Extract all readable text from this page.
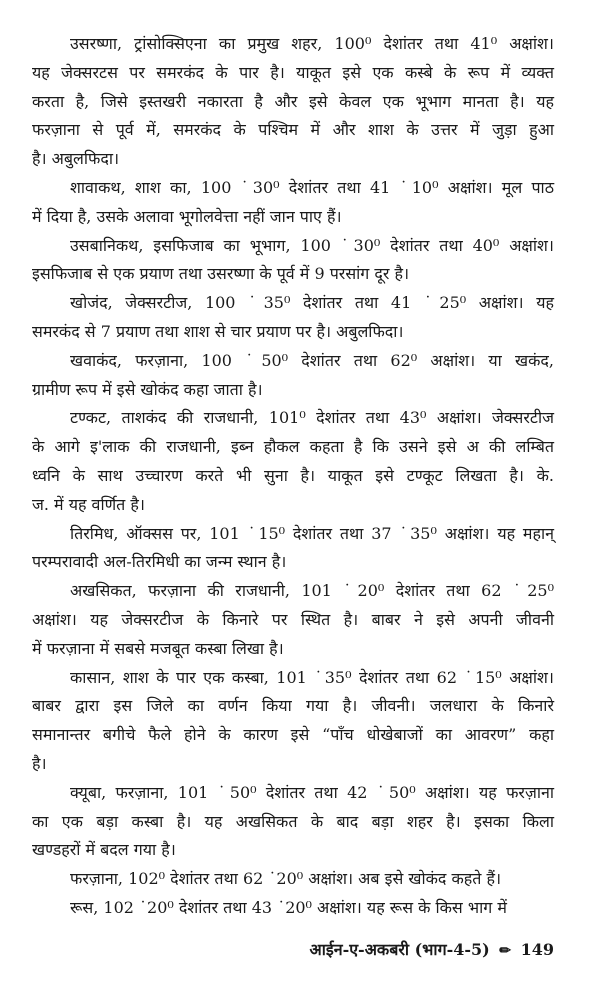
उसरष्णा, ट्रांसोक्सिएना का प्रमुख शहर, 100⁰ देशांतर तथा 41⁰ अक्षांश।
यह जेक्सरटस पर समरकंद के पार है। याकूत इसे एक कस्बे के रूप में व्यक्त
करता है, जिसे इस्तखरी नकारता है और इसे केवल एक भूभाग मानता है। यह
फरज़ाना से पूर्व में, समरकंद के पश्चिम में और शाश के उत्तर में जुड़ा हुआ
है। अबुलफिदा।
शावाकथ, शाश का, 100 ˙30⁰ देशांतर तथा 41 ˙10⁰ अक्षांश। मूल पाठ
में दिया है, उसके अलावा भूगोलवेत्ता नहीं जान पाए हैं।
उसबानिकथ, इसफिजाब का भूभाग, 100 ˙30⁰ देशांतर तथा 40⁰ अक्षांश।
इसफिजाब से एक प्रयाण तथा उसरष्णा के पूर्व में 9 परसांग दूर है।
खोजंद, जेक्सरटीज, 100 ˙35⁰ देशांतर तथा 41 ˙25⁰ अक्षांश। यह
समरकंद से 7 प्रयाण तथा शाश से चार प्रयाण पर है। अबुलफिदा।
खवाकंद, फरज़ाना, 100 ˙50⁰ देशांतर तथा 62⁰ अक्षांश। या खकंद,
ग्रामीण रूप में इसे खोकंद कहा जाता है।
टण्कट, ताशकंद की राजधानी, 101⁰ देशांतर तथा 43⁰ अक्षांश। जेक्सरटीज
के आगे इ'लाक की राजधानी, इब्न हौकल कहता है कि उसने इसे अ की लम्बित
ध्वनि के साथ उच्चारण करते भी सुना है। याकूत इसे टण्कूट लिखता है। के.
ज. में यह वर्णित है।
तिरमिध, ऑक्सस पर, 101 ˙15⁰ देशांतर तथा 37 ˙35⁰ अक्षांश। यह महान्
परम्परावादी अल-तिरमिधी का जन्म स्थान है।
अखसिकत, फरज़ाना की राजधानी, 101 ˙20⁰ देशांतर तथा 62 ˙25⁰
अक्षांश। यह जेक्सरटीज के किनारे पर स्थित है। बाबर ने इसे अपनी जीवनी
में फरज़ाना में सबसे मजबूत कस्बा लिखा है।
कासान, शाश के पार एक कस्बा, 101 ˙35⁰ देशांतर तथा 62 ˙15⁰ अक्षांश।
बाबर द्वारा इस जिले का वर्णन किया गया है। जीवनी। जलधारा के किनारे
समानान्तर बगीचे फैले होने के कारण इसे “पाँच धोखेबाजों का आवरण” कहा
है।
क्यूबा, फरज़ाना, 101 ˙50⁰ देशांतर तथा 42 ˙50⁰ अक्षांश। यह फरज़ाना
का एक बड़ा कस्बा है। यह अखसिकत के बाद बड़ा शहर है। इसका किला
खण्डहरों में बदल गया है।
फरज़ाना, 102⁰ देशांतर तथा 62 ˙20⁰ अक्षांश। अब इसे खोकंद कहते हैं।
रूस, 102 ˙20⁰ देशांतर तथा 43 ˙20⁰ अक्षांश। यह रूस के किस भाग में
आईन-ए-अकबरी (भाग-4-5) ✏ 149
